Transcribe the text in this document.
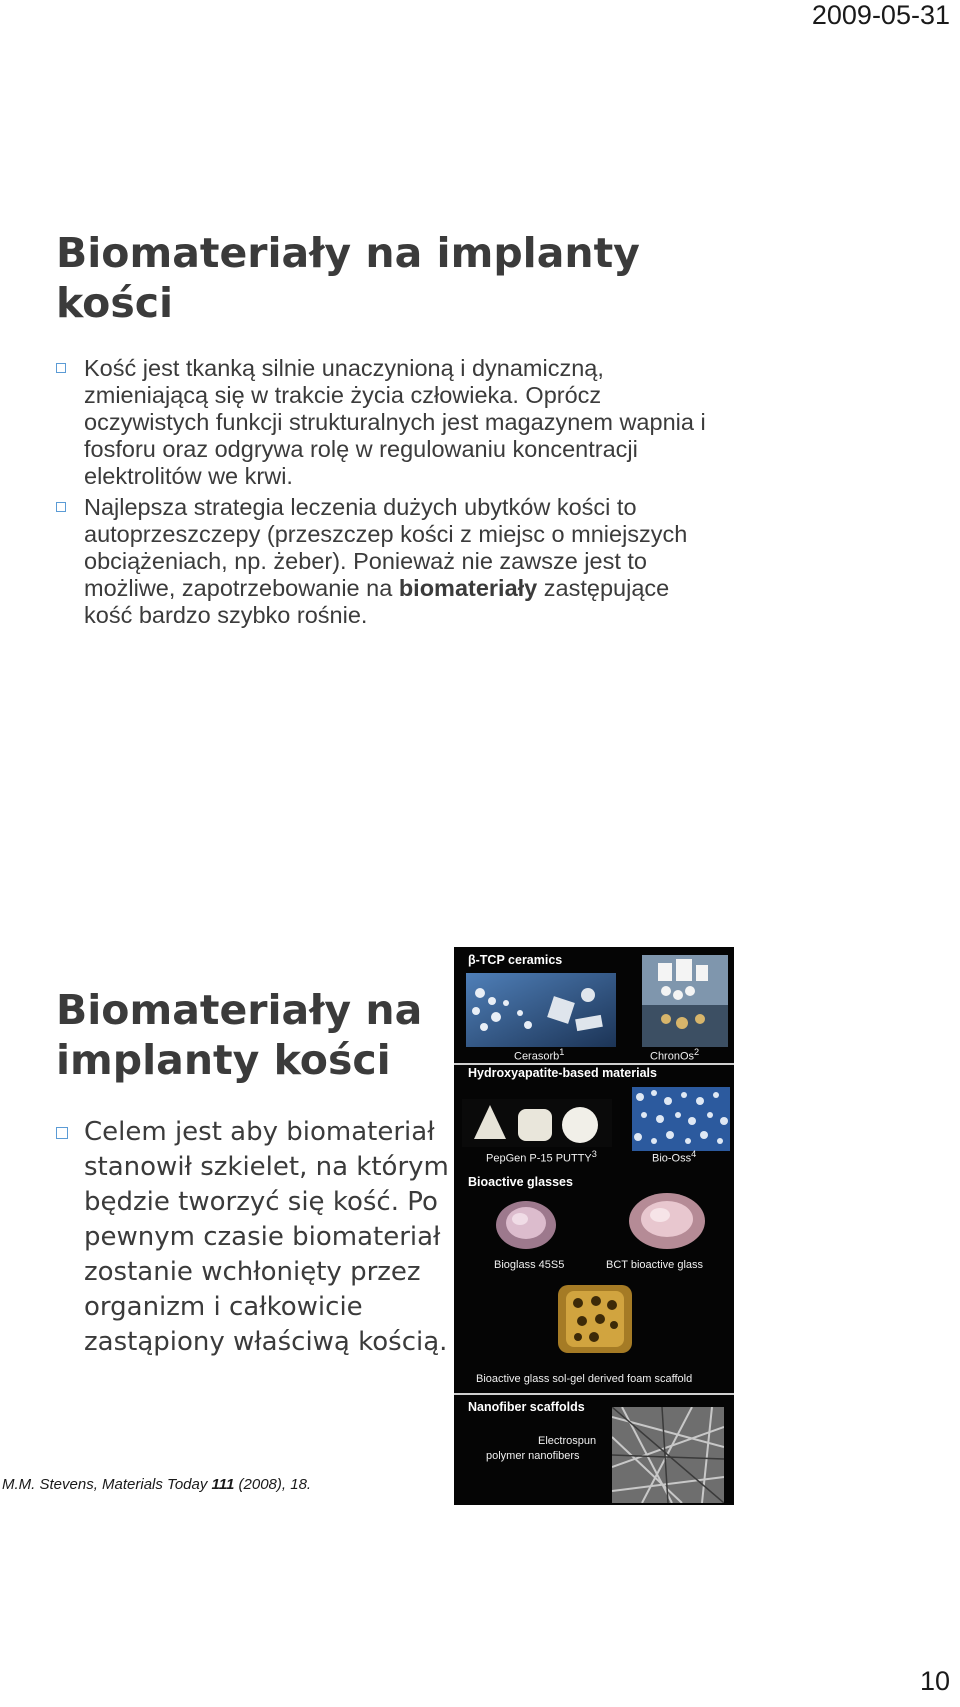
2009-05-31
Biomateriały na implanty kości
Kość jest tkanką silnie unaczynioną i dynamiczną, zmieniającą się w trakcie życia człowieka. Oprócz oczywistych funkcji strukturalnych jest magazynem wapnia i fosforu oraz odgrywa rolę w regulowaniu koncentracji elektrolitów we krwi.
Najlepsza strategia leczenia dużych ubytków kości to autoprzeszczepy (przeszczep kości z miejsc o mniejszych obciążeniach, np. żeber). Ponieważ nie zawsze jest to możliwe, zapotrzebowanie na biomateriały zastępujące kość bardzo szybko rośnie.
Biomateriały na implanty kości
Celem jest aby biomateriał stanowił szkielet, na którym będzie tworzyć się kość. Po pewnym czasie biomateriał zostanie wchłonięty przez organizm i całkowicie zastąpiony właściwą kością.
M.M. Stevens, Materials Today 111 (2008), 18.
β-TCP ceramics
Cerasorb$^1$	ChronOs$^2$
Hydroxyapatite-based materials
PepGen P-15 PUTTY$^3$	Bio-Oss$^4$
Bioactive glasses
Bioglass 45S5	BCT bioactive glass
Bioactive glass sol-gel derived foam scaffold
Nanofiber scaffolds
Electrospun
polymer nanofibers
10
